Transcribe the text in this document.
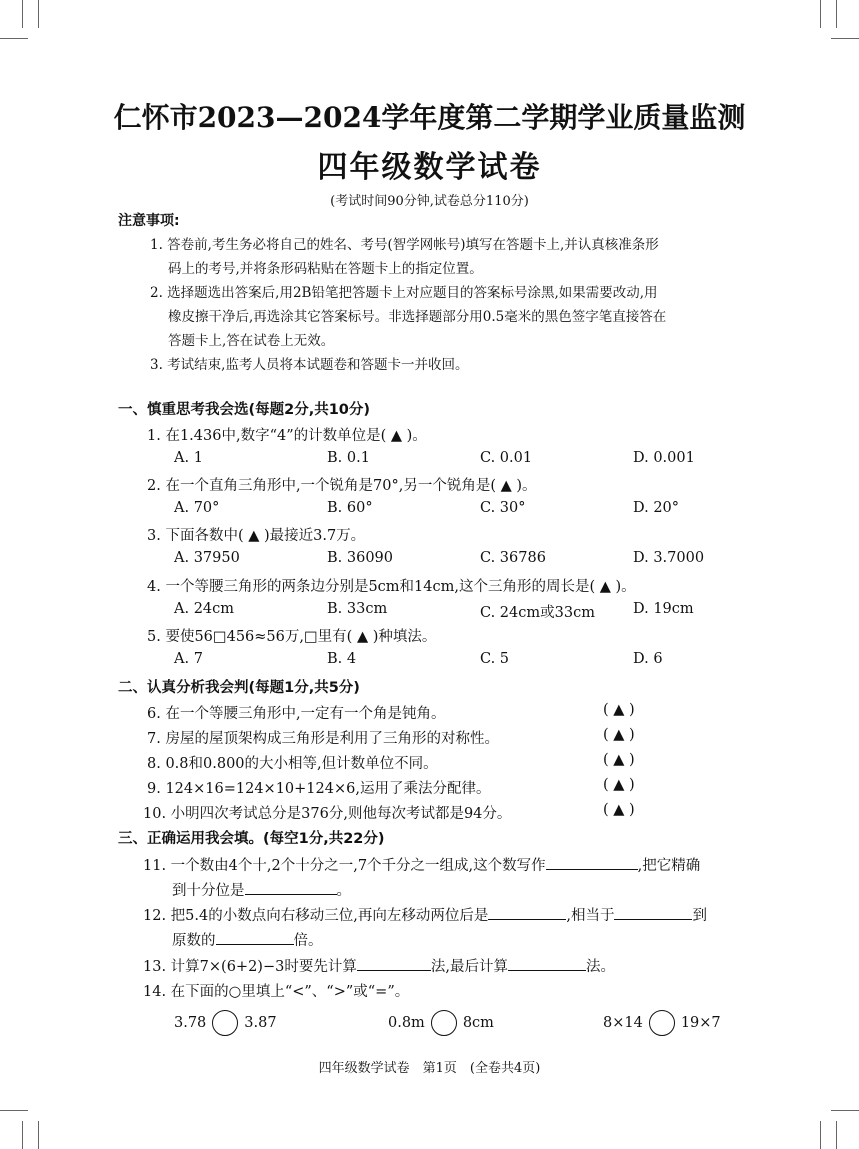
仁怀市2023—2024学年度第二学期学业质量监测
四年级数学试卷
(考试时间90分钟,试卷总分110分)
注意事项:
1. 答卷前,考生务必将自己的姓名、考号(智学网帐号)填写在答题卡上,并认真核准条形
码上的考号,并将条形码粘贴在答题卡上的指定位置。
2. 选择题选出答案后,用2B铅笔把答题卡上对应题目的答案标号涂黑,如果需要改动,用
橡皮擦干净后,再选涂其它答案标号。非选择题部分用0.5毫米的黑色签字笔直接答在
答题卡上,答在试卷上无效。
3. 考试结束,监考人员将本试题卷和答题卡一并收回。
一、慎重思考我会选(每题2分,共10分)
1. 在1.436中,数字“4”的计数单位是( ▲ )。
A. 1	B. 0.1	C. 0.01	D. 0.001
2. 在一个直角三角形中,一个锐角是70°,另一个锐角是( ▲ )。
A. 70°	B. 60°	C. 30°	D. 20°
3. 下面各数中( ▲ )最接近3.7万。
A. 37950	B. 36090	C. 36786	D. 3.7000
4. 一个等腰三角形的两条边分别是5cm和14cm,这个三角形的周长是( ▲ )。
A. 24cm	B. 33cm	C. 24cm或33cm	D. 19cm
5. 要使56□456≈56万,□里有( ▲ )种填法。
A. 7	B. 4	C. 5	D. 6
二、认真分析我会判(每题1分,共5分)
6. 在一个等腰三角形中,一定有一个角是钝角。	( ▲ )
7. 房屋的屋顶架构成三角形是利用了三角形的对称性。	( ▲ )
8. 0.8和0.800的大小相等,但计数单位不同。	( ▲ )
9. 124×16=124×10+124×6,运用了乘法分配律。	( ▲ )
10. 小明四次考试总分是376分,则他每次考试都是94分。	( ▲ )
三、正确运用我会填。(每空1分,共22分)
11. 一个数由4个十,2个十分之一,7个千分之一组成,这个数写作	,把它精确
到十分位是	。
12. 把5.4的小数点向右移动三位,再向左移动两位后是	,相当于	到
原数的	倍。
13. 计算7×(6+2)−3时要先计算	法,最后计算	法。
14. 在下面的○里填上“<”、“>”或“=”。
3.78	3.87	0.8m	8cm	8×14	19×7
四年级数学试卷　第1页　(全卷共4页)
